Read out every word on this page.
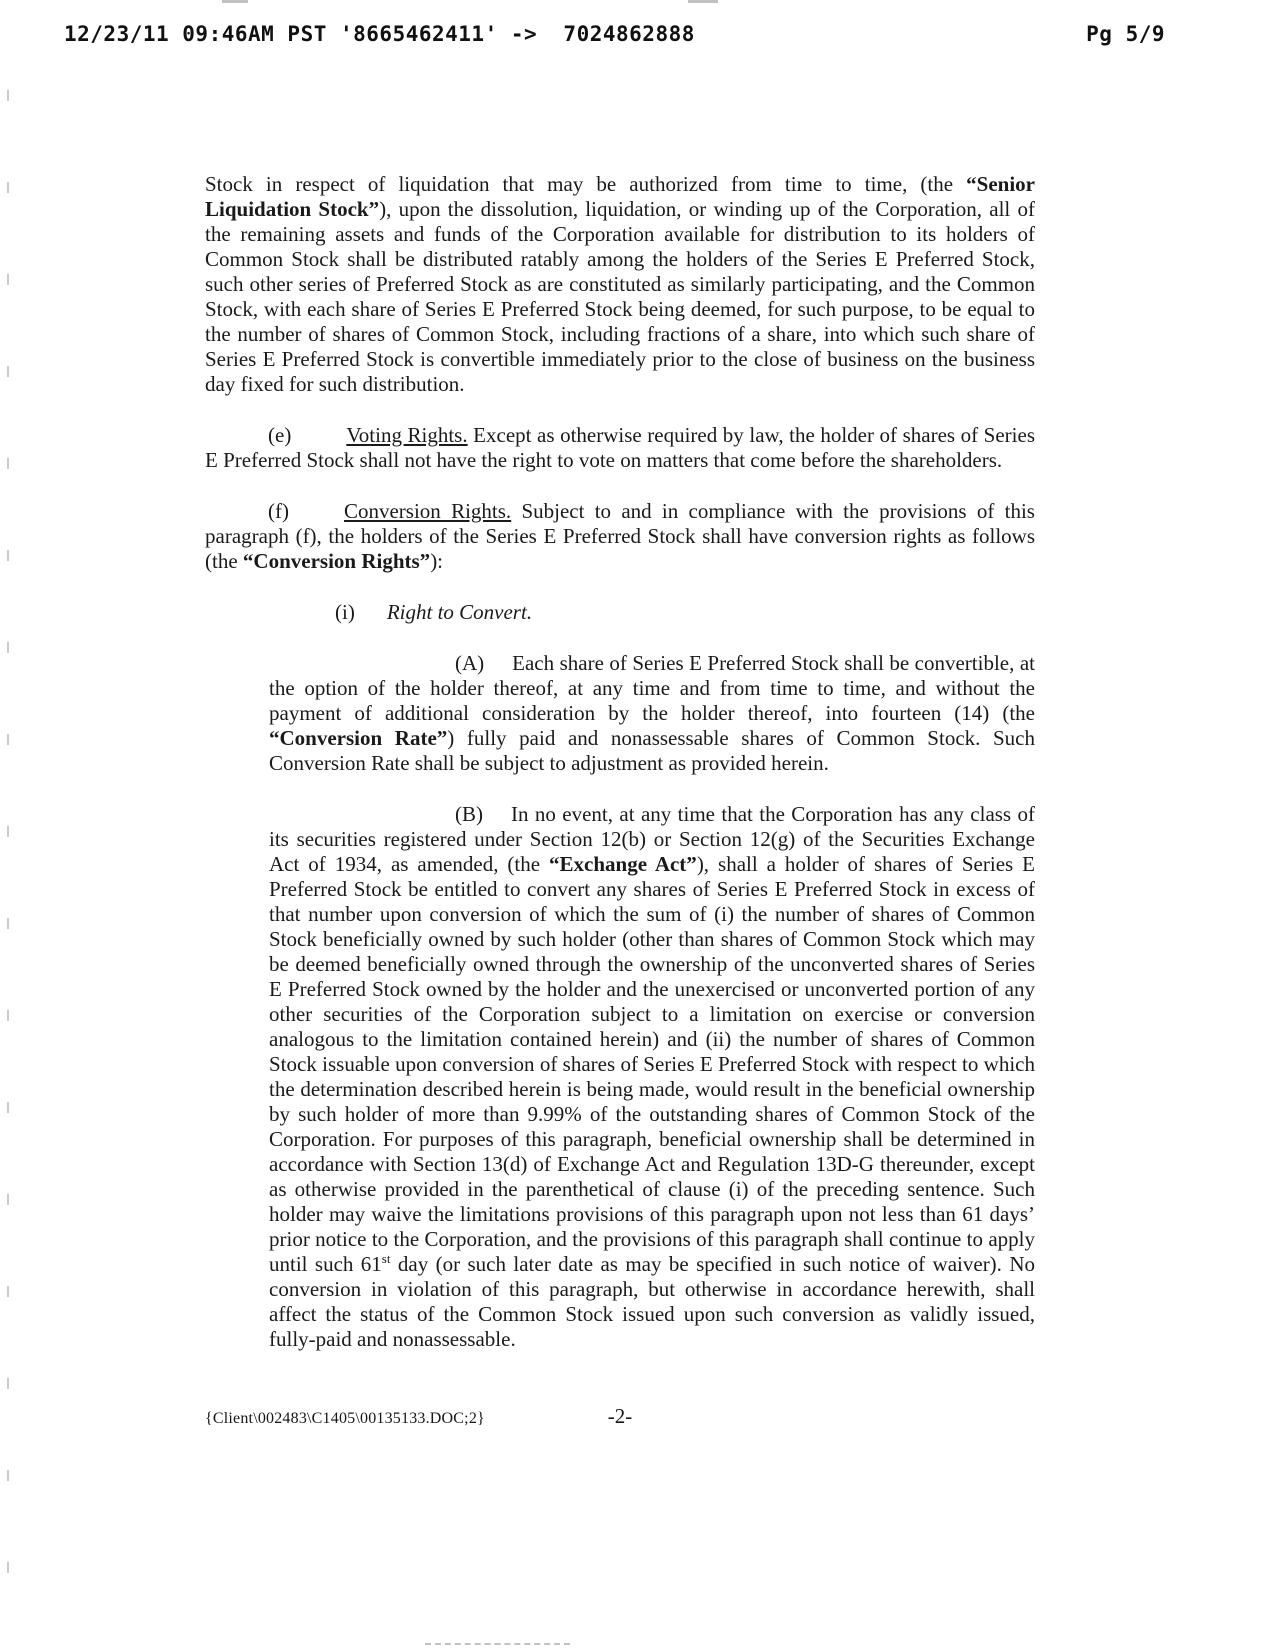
12/23/11 09:46AM PST '8665462411' ->  7024862888	Pg 5/9

Stock in respect of liquidation that may be authorized from time to time, (the “Senior Liquidation Stock”), upon the dissolution, liquidation, or winding up of the Corporation, all of the remaining assets and funds of the Corporation available for distribution to its holders of Common Stock shall be distributed ratably among the holders of the Series E Preferred Stock, such other series of Preferred Stock as are constituted as similarly participating, and the Common Stock, with each share of Series E Preferred Stock being deemed, for such purpose, to be equal to the number of shares of Common Stock, including fractions of a share, into which such share of Series E Preferred Stock is convertible immediately prior to the close of business on the business day fixed for such distribution.

(e)	Voting Rights. Except as otherwise required by law, the holder of shares of Series E Preferred Stock shall not have the right to vote on matters that come before the shareholders.

(f)	Conversion Rights. Subject to and in compliance with the provisions of this paragraph (f), the holders of the Series E Preferred Stock shall have conversion rights as follows (the “Conversion Rights”):

(i) Right to Convert.

(A) Each share of Series E Preferred Stock shall be convertible, at the option of the holder thereof, at any time and from time to time, and without the payment of additional consideration by the holder thereof, into fourteen (14) (the “Conversion Rate”) fully paid and nonassessable shares of Common Stock. Such Conversion Rate shall be subject to adjustment as provided herein.

(B) In no event, at any time that the Corporation has any class of its securities registered under Section 12(b) or Section 12(g) of the Securities Exchange Act of 1934, as amended, (the “Exchange Act”), shall a holder of shares of Series E Preferred Stock be entitled to convert any shares of Series E Preferred Stock in excess of that number upon conversion of which the sum of (i) the number of shares of Common Stock beneficially owned by such holder (other than shares of Common Stock which may be deemed beneficially owned through the ownership of the unconverted shares of Series E Preferred Stock owned by the holder and the unexercised or unconverted portion of any other securities of the Corporation subject to a limitation on exercise or conversion analogous to the limitation contained herein) and (ii) the number of shares of Common Stock issuable upon conversion of shares of Series E Preferred Stock with respect to which the determination described herein is being made, would result in the beneficial ownership by such holder of more than 9.99% of the outstanding shares of Common Stock of the Corporation. For purposes of this paragraph, beneficial ownership shall be determined in accordance with Section 13(d) of Exchange Act and Regulation 13D-G thereunder, except as otherwise provided in the parenthetical of clause (i) of the preceding sentence. Such holder may waive the limitations provisions of this paragraph upon not less than 61 days’ prior notice to the Corporation, and the provisions of this paragraph shall continue to apply until such 61st day (or such later date as may be specified in such notice of waiver). No conversion in violation of this paragraph, but otherwise in accordance herewith, shall affect the status of the Common Stock issued upon such conversion as validly issued, fully-paid and nonassessable.

{Client\002483\C1405\00135133.DOC;2}	-2-
